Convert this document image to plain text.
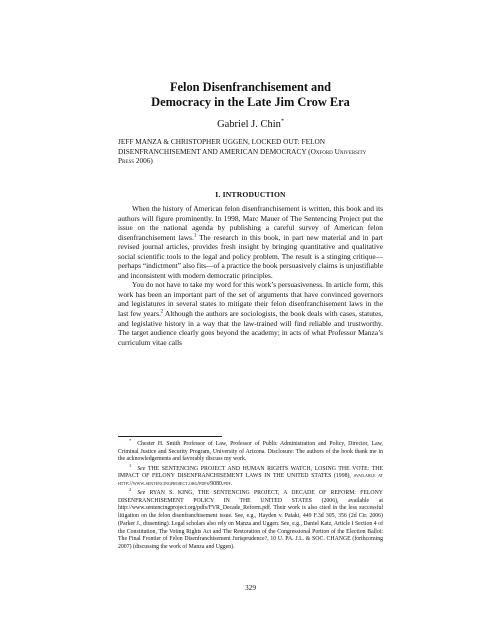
Felon Disenfranchisement and
Democracy in the Late Jim Crow Era
Gabriel J. Chin*

JEFF MANZA & CHRISTOPHER UGGEN, LOCKED OUT: FELON DISENFRANCHISEMENT AND AMERICAN DEMOCRACY (Oxford University Press 2006)

I. INTRODUCTION

When the history of American felon disenfranchisement is written, this book and its authors will figure prominently. In 1998, Marc Mauer of The Sentencing Project put the issue on the national agenda by publishing a careful survey of American felon disenfranchisement laws.$^1$ The research in this book, in part new material and in part revised journal articles, provides fresh insight by bringing quantitative and qualitative social scientific tools to the legal and policy problem. The result is a stinging critique—perhaps “indictment” also fits—of a practice the book persuasively claims is unjustifiable and inconsistent with modern democratic principles.

You do not have to take my word for this work’s persuasiveness. In article form, this work has been an important part of the set of arguments that have convinced governors and legislatures in several states to mitigate their felon disenfranchisement laws in the last few years.$^2$ Although the authors are sociologists, the book deals with cases, statutes, and legislative history in a way that the law-trained will find reliable and trustworthy. The target audience clearly goes beyond the academy; in acts of what Professor Manza’s curriculum vitae calls

*Chester H. Smith Professor of Law, Professor of Public Administration and Policy, Director, Law, Criminal Justice and Security Program, University of Arizona. Disclosure: The authors of the book thank me in the acknowledgements and favorably discuss my work.

$^1$See THE SENTENCING PROJECT AND HUMAN RIGHTS WATCH, LOSING THE VOTE: THE IMPACT OF FELONY DISENFRANCHISEMENT LAWS IN THE UNITED STATES (1998), available at http://www.sentencingproject.org/pdfs/9080.pdf.

$^2$See RYAN S. KING, THE SENTENCING PROJECT, A DECADE OF REFORM: FELONY DISENFRANCHISEMENT POLICY IN THE UNITED STATES (2006), available at http://www.sentencingproject.org/pdfs/FVR_Decade_Reform.pdf. Their work is also cited in the less successful litigation on the felon disenfranchisement issue. See, e.g., Hayden v. Pataki, 449 F.3d 305, 356 (2d Cir. 2006) (Parker J., dissenting). Legal scholars also rely on Manza and Uggen. See, e.g., Daniel Katz, Article I Section 4 of the Constitution, The Voting Rights Act and The Restoration of the Congressional Portion of the Election Ballot: The Final Frontier of Felon Disenfranchisement Jurisprudence?, 10 U. PA. J.L. & SOC. CHANGE (forthcoming 2007) (discussing the work of Manza and Uggen).

329
